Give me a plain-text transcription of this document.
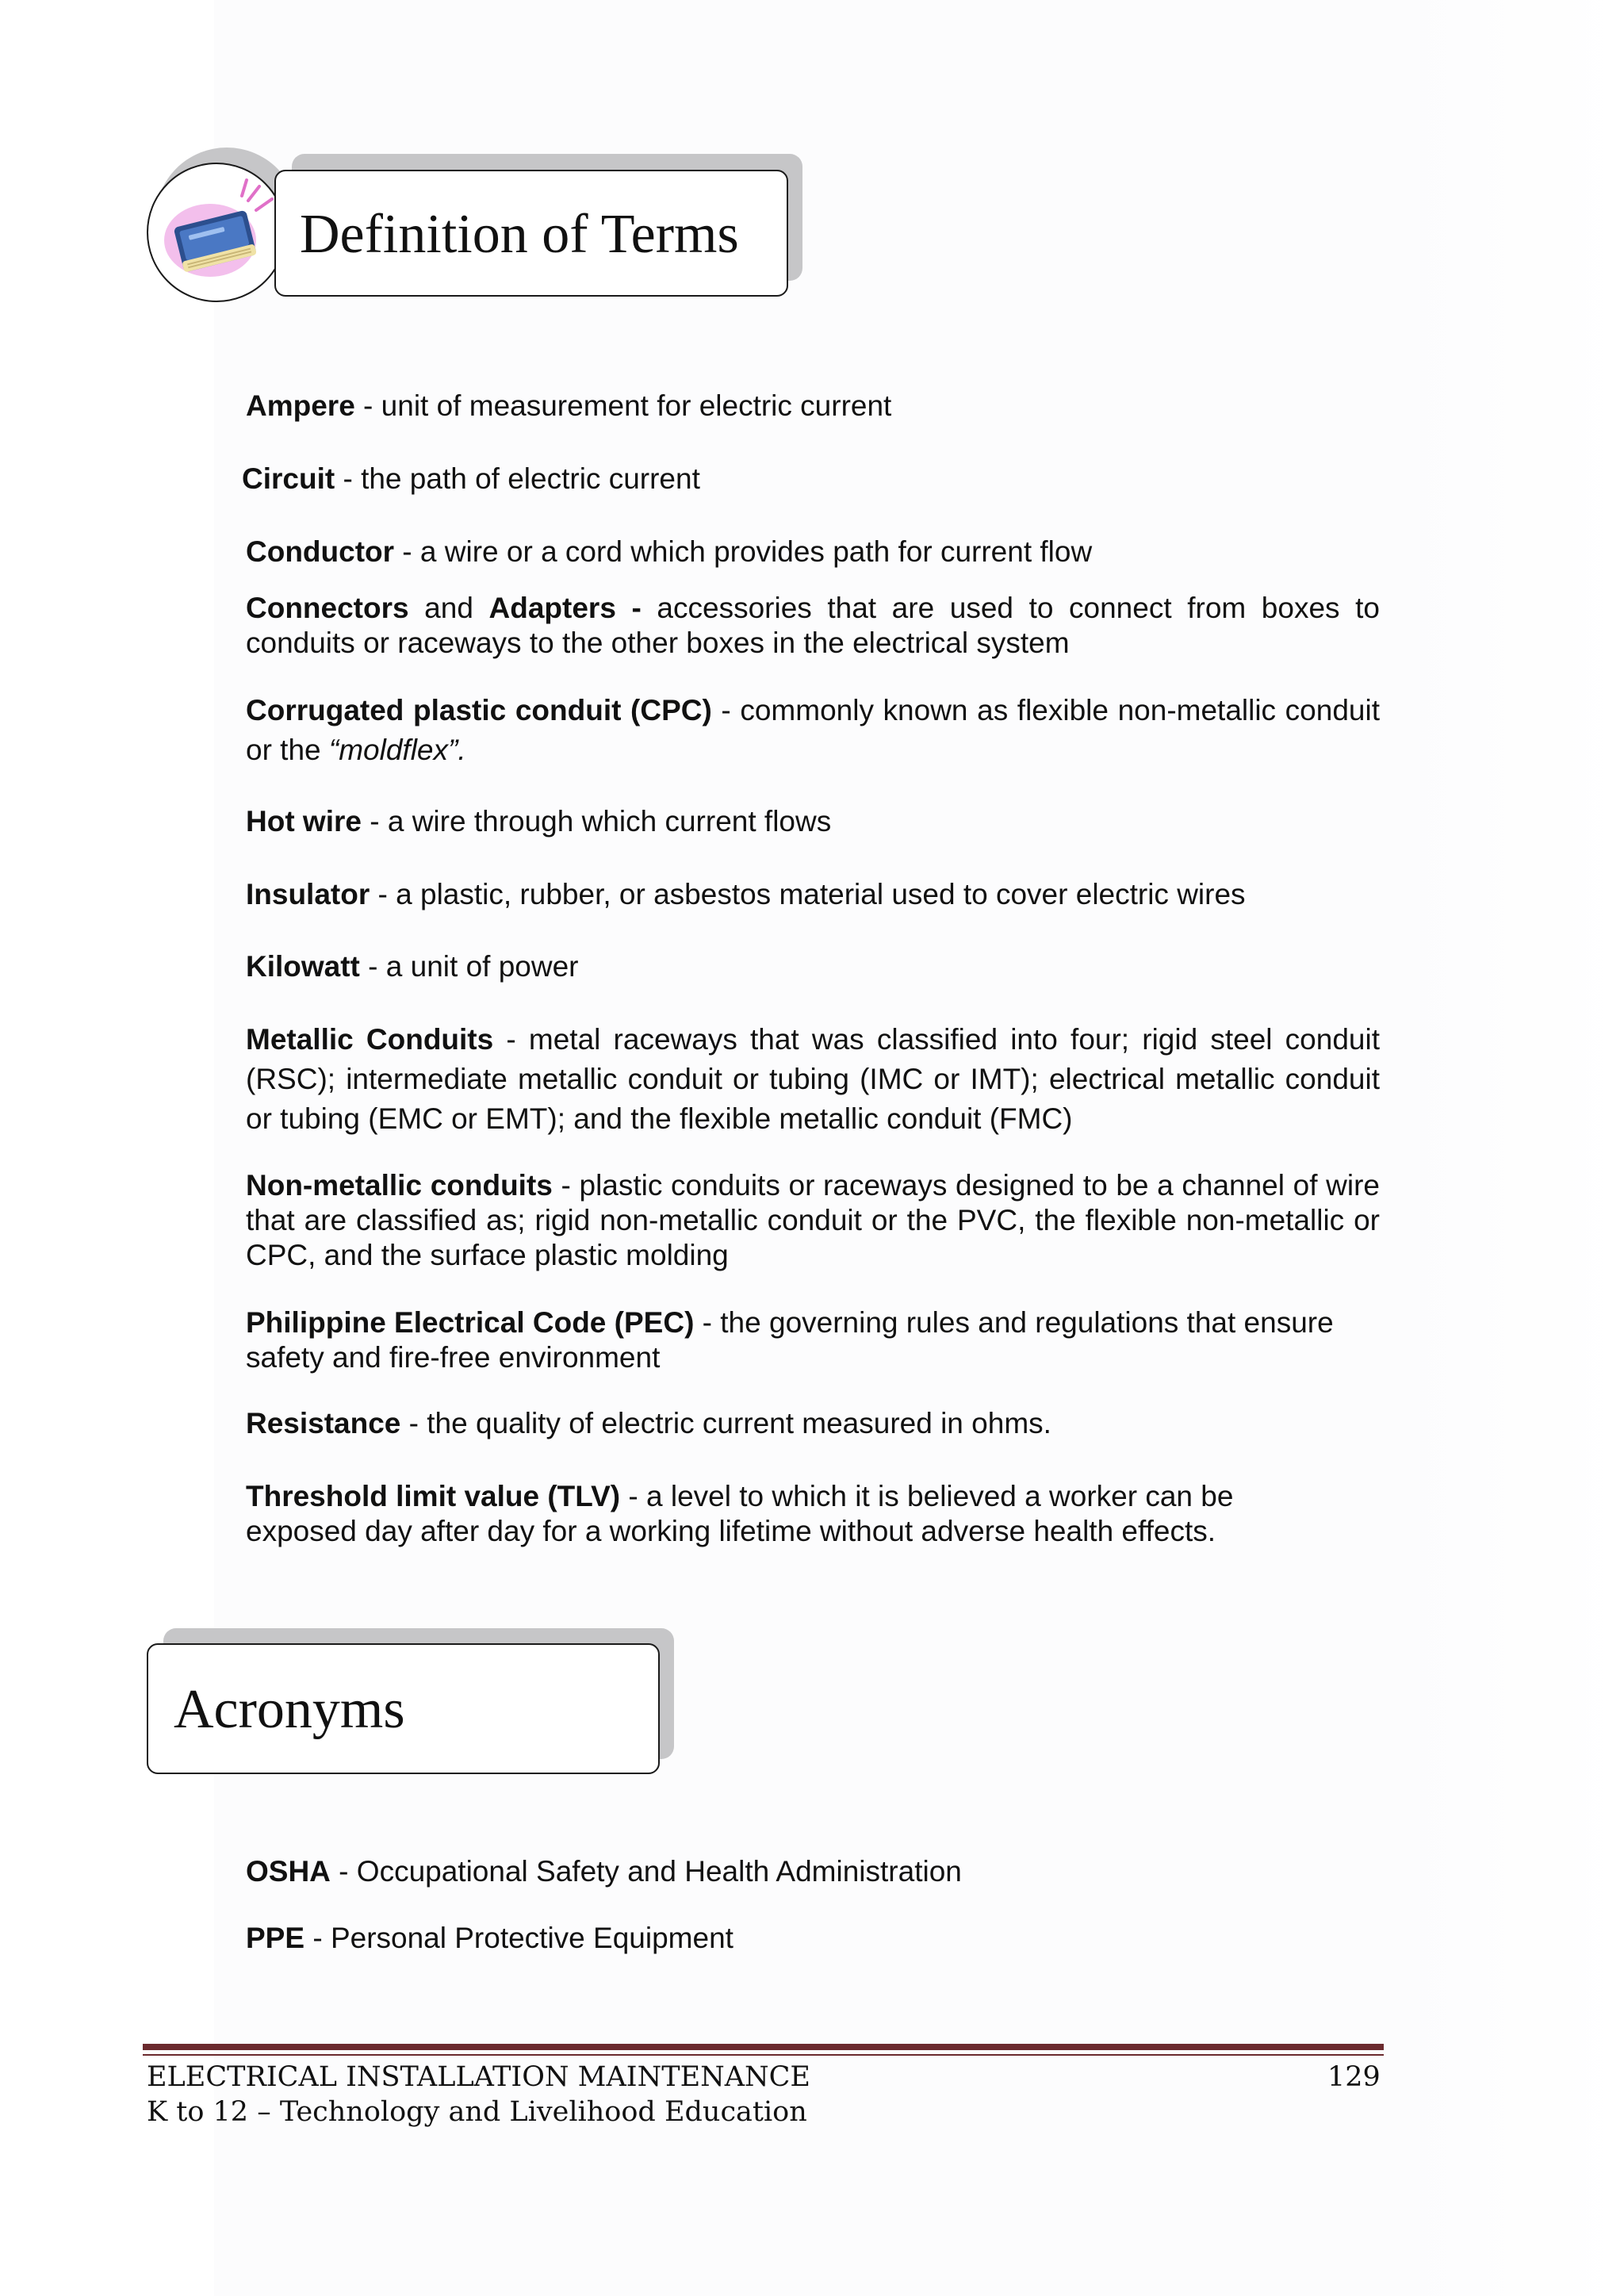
Definition of Terms
Ampere - unit of measurement for electric current
Circuit - the path of electric current
Conductor - a wire or a cord which provides path for current flow
Connectors and Adapters - accessories that are used to connect from boxes to conduits or raceways to the other boxes in the electrical system
Corrugated plastic conduit (CPC) - commonly known as flexible non-metallic conduit or the “moldflex”.
Hot wire - a wire through which current flows
Insulator - a plastic, rubber, or asbestos material used to cover electric wires
Kilowatt - a unit of power
Metallic Conduits - metal raceways that was classified into four; rigid steel conduit (RSC); intermediate metallic conduit or tubing (IMC or IMT); electrical metallic conduit or tubing (EMC or EMT); and the flexible metallic conduit (FMC)
Non-metallic conduits - plastic conduits or raceways designed to be a channel of wire that are classified as; rigid non-metallic conduit or the PVC, the flexible non-metallic or CPC, and the surface plastic molding
Philippine Electrical Code (PEC) - the governing rules and regulations that ensure safety and fire-free environment
Resistance - the quality of electric current measured in ohms.
Threshold limit value (TLV) - a level to which it is believed a worker can be exposed day after day for a working lifetime without adverse health effects.
Acronyms
OSHA - Occupational Safety and Health Administration
PPE - Personal Protective Equipment
ELECTRICAL INSTALLATION MAINTENANCE	129
K to 12 – Technology and Livelihood Education
